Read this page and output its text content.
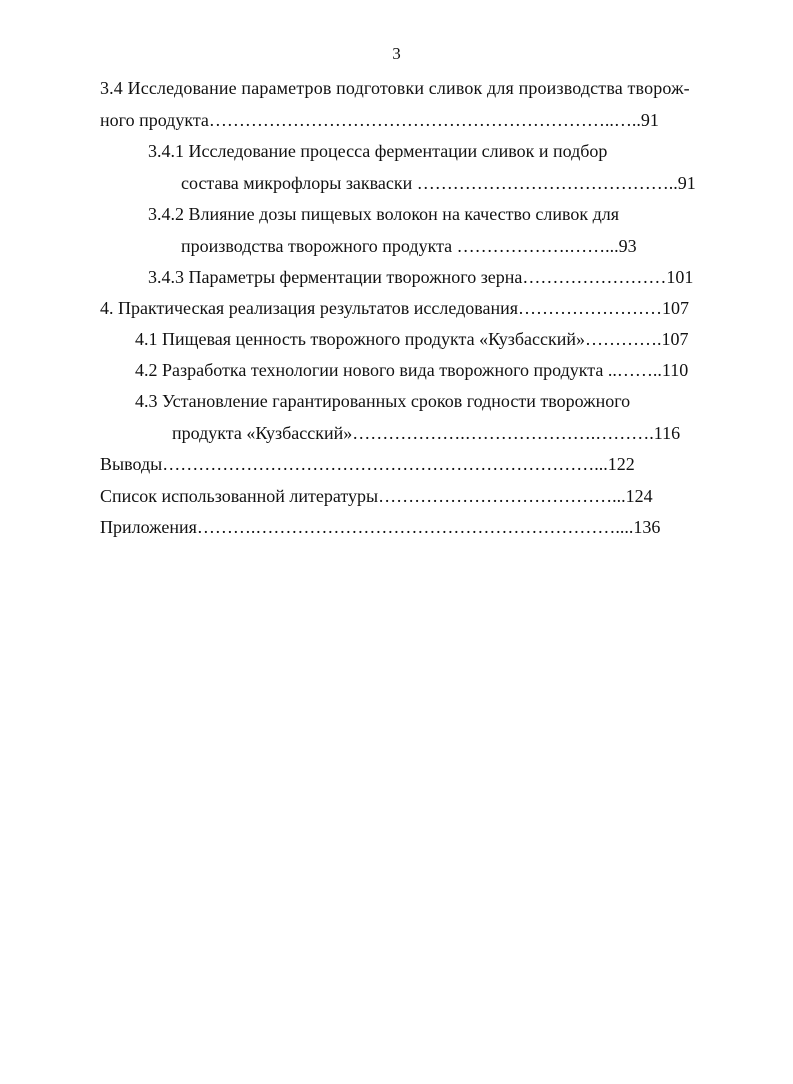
3
3.4 Исследование параметров подготовки сливок для производства творож-
ного продукта…………………………………………………………..…..91
3.4.1 Исследование процесса ферментации сливок и подбор
состава микрофлоры закваски ……………………………………..91
3.4.2 Влияние дозы пищевых волокон на качество сливок для
производства творожного продукта ……………….……...93
3.4.3 Параметры ферментации творожного зерна……………………101
4. Практическая реализация результатов исследования……………………107
4.1 Пищевая ценность творожного продукта «Кузбасский»………….107
4.2 Разработка технологии нового вида творожного продукта ..……..110
4.3 Установление гарантированных сроков годности творожного
продукта «Кузбасский»……………….………………….……….116
Выводы………………………………………………………………...122
Список использованной литературы…………………………………...124
Приложения……….……………………………………………………....136
